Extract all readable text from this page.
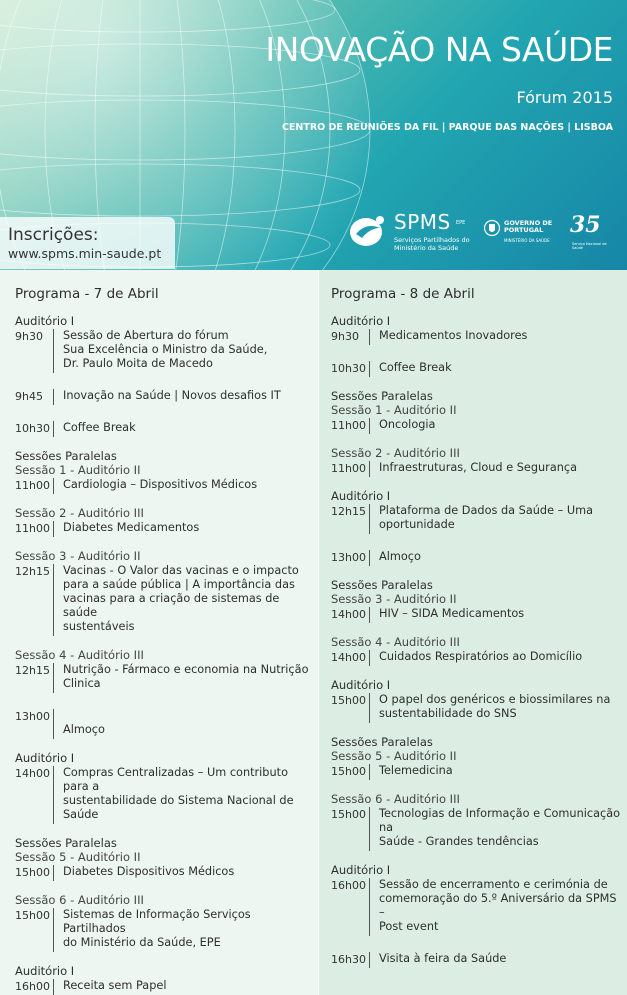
INOVAÇÃO NA SAÚDE
Fórum 2015
CENTRO DE REUNIÕES DA FIL | PARQUE DAS NAÇÕES | LISBOA
Inscrições:
www.spms.min-saude.pt
SPMS EPE
Serviços Partilhados do Ministério da Saúde
GOVERNO DE PORTUGAL
MINISTÉRIO DA SAÚDE
35
Serviço Nacional de Saúde
Programa - 7 de Abril
Auditório I
9h30	Sessão de Abertura do fórum
Sua Excelência o Ministro da Saúde,
Dr. Paulo Moita de Macedo
9h45	Inovação na Saúde | Novos desafios IT
10h30 Coffee Break
Sessões Paralelas
Sessão 1 - Auditório II
11h00 Cardiologia – Dispositivos Médicos
Sessão 2 - Auditório III
11h00 Diabetes Medicamentos
Sessão 3 - Auditório II
12h15 Vacinas - O Valor das vacinas e o impacto
para a saúde pública | A importância das
vacinas para a criação de sistemas de saúde
sustentáveis
Sessão 4 - Auditório III
12h15 Nutrição - Fármaco e economia na Nutrição
Clinica
13h00
Almoço
Auditório I
14h00 Compras Centralizadas – Um contributo para a
sustentabilidade do Sistema Nacional de Saúde
Sessões Paralelas
Sessão 5 - Auditório II
15h00 Diabetes Dispositivos Médicos
Sessão 6 - Auditório III
15h00 Sistemas de Informação Serviços Partilhados
do Ministério da Saúde, EPE
Auditório I
16h00 Receita sem Papel
Programa - 8 de Abril
Auditório I
9h30	Medicamentos Inovadores
10h30 Coffee Break
Sessões Paralelas
Sessão 1 - Auditório II
11h00 Oncologia
Sessão 2 - Auditório III
11h00 Infraestruturas, Cloud e Segurança
Auditório I
12h15 Plataforma de Dados da Saúde – Uma
oportunidade
13h00 Almoço
Sessões Paralelas
Sessão 3 - Auditório II
14h00 HIV – SIDA Medicamentos
Sessão 4 - Auditório III
14h00 Cuidados Respiratórios ao Domicílio
Auditório I
15h00 O papel dos genéricos e biossimilares na
sustentabilidade do SNS
Sessões Paralelas
Sessão 5 - Auditório II
15h00 Telemedicina
Sessão 6 - Auditório III
15h00 Tecnologias de Informação e Comunicação na
Saúde - Grandes tendências
Auditório I
16h00 Sessão de encerramento e cerimónia de
comemoração do 5.º Aniversário da SPMS –
Post event
16h30 Visita à feira da Saúde
